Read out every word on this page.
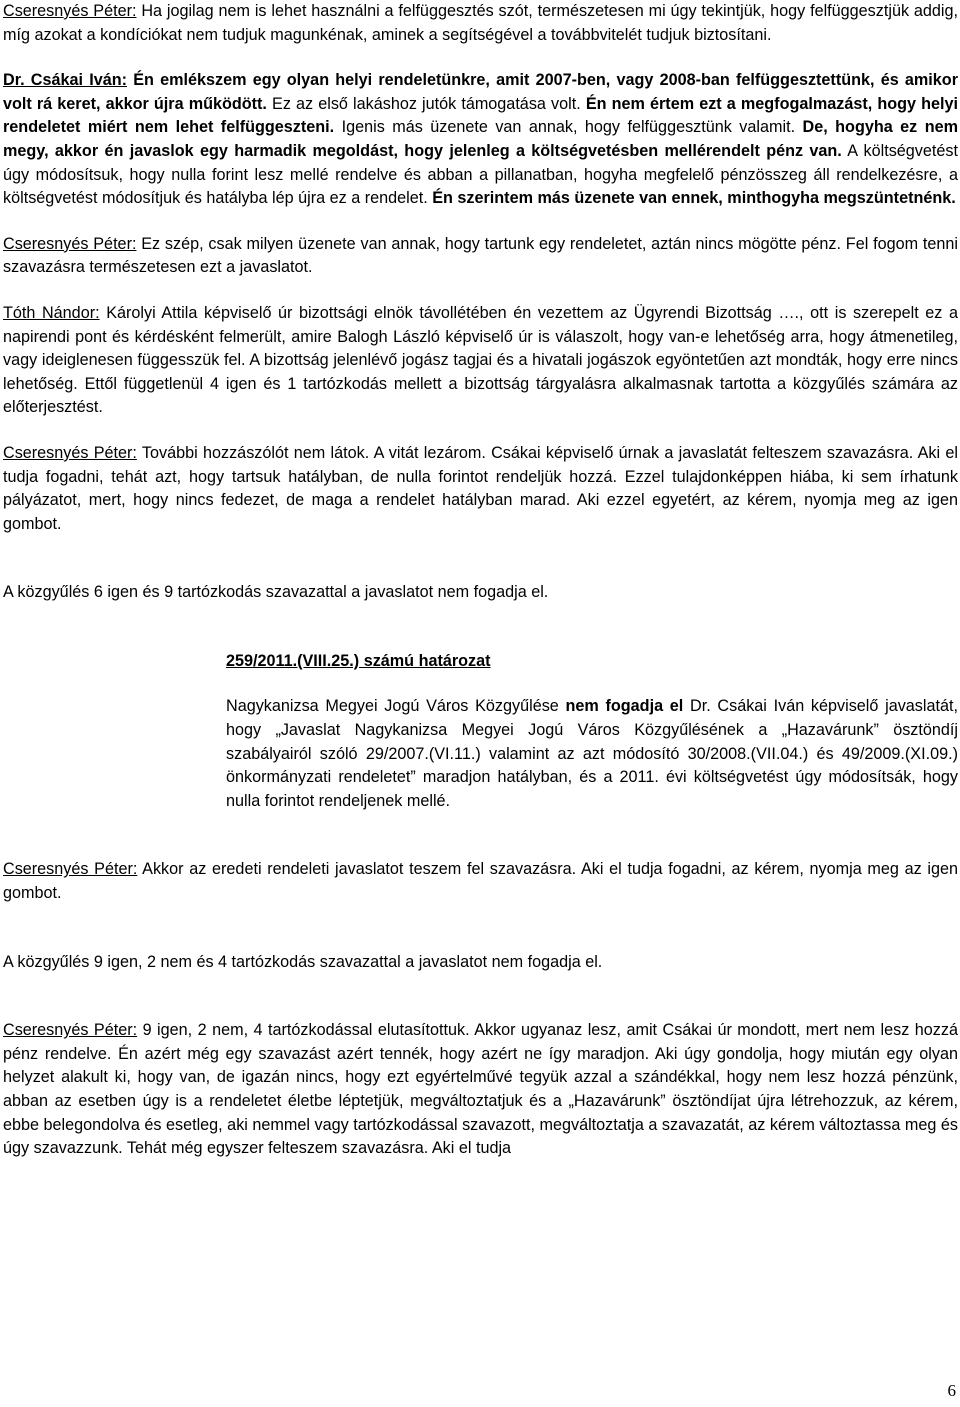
Cseresnyés Péter: Ha jogilag nem is lehet használni a felfüggesztés szót, természetesen mi úgy tekintjük, hogy felfüggesztjük addig, míg azokat a kondíciókat nem tudjuk magunkénak, aminek a segítségével a továbbvitelét tudjuk biztosítani.

Dr. Csákai Iván: Én emlékszem egy olyan helyi rendeletünkre, amit 2007-ben, vagy 2008-ban felfüggesztettünk, és amikor volt rá keret, akkor újra működött. Ez az első lakáshoz jutók támogatása volt. Én nem értem ezt a megfogalmazást, hogy helyi rendeletet miért nem lehet felfüggeszteni. Igenis más üzenete van annak, hogy felfüggesztünk valamit. De, hogyha ez nem megy, akkor én javaslok egy harmadik megoldást, hogy jelenleg a költségvetésben mellérendelt pénz van. A költségvetést úgy módosítsuk, hogy nulla forint lesz mellé rendelve és abban a pillanatban, hogyha megfelelő pénzösszeg áll rendelkezésre, a költségvetést módosítjuk és hatályba lép újra ez a rendelet. Én szerintem más üzenete van ennek, minthogyha megszüntetnénk.

Cseresnyés Péter: Ez szép, csak milyen üzenete van annak, hogy tartunk egy rendeletet, aztán nincs mögötte pénz. Fel fogom tenni szavazásra természetesen ezt a javaslatot.

Tóth Nándor: Károlyi Attila képviselő úr bizottsági elnök távollétében én vezettem az Ügyrendi Bizottság …., ott is szerepelt ez a napirendi pont és kérdésként felmerült, amire Balogh László képviselő úr is válaszolt, hogy van-e lehetőség arra, hogy átmenetileg, vagy ideiglenesen függesszük fel. A bizottság jelenlévő jogász tagjai és a hivatali jogászok egyöntetűen azt mondták, hogy erre nincs lehetőség. Ettől függetlenül 4 igen és 1 tartózkodás mellett a bizottság tárgyalásra alkalmasnak tartotta a közgyűlés számára az előterjesztést.

Cseresnyés Péter: További hozzászólót nem látok. A vitát lezárom. Csákai képviselő úrnak a javaslatát felteszem szavazásra. Aki el tudja fogadni, tehát azt, hogy tartsuk hatályban, de nulla forintot rendeljük hozzá. Ezzel tulajdonképpen hiába, ki sem írhatunk pályázatot, mert, hogy nincs fedezet, de maga a rendelet hatályban marad. Aki ezzel egyetért, az kérem, nyomja meg az igen gombot.

A közgyűlés 6 igen és 9 tartózkodás szavazattal a javaslatot nem fogadja el.

259/2011.(VIII.25.) számú határozat

Nagykanizsa Megyei Jogú Város Közgyűlése nem fogadja el Dr. Csákai Iván képviselő javaslatát, hogy „Javaslat Nagykanizsa Megyei Jogú Város Közgyűlésének a „Hazavárunk” ösztöndíj szabályairól szóló 29/2007.(VI.11.) valamint az azt módosító 30/2008.(VII.04.) és 49/2009.(XI.09.) önkormányzati rendeletet” maradjon hatályban, és a 2011. évi költségvetést úgy módosítsák, hogy nulla forintot rendeljenek mellé.

Cseresnyés Péter: Akkor az eredeti rendeleti javaslatot teszem fel szavazásra. Aki el tudja fogadni, az kérem, nyomja meg az igen gombot.

A közgyűlés 9 igen, 2 nem és 4 tartózkodás szavazattal a javaslatot nem fogadja el.

Cseresnyés Péter: 9 igen, 2 nem, 4 tartózkodással elutasítottuk. Akkor ugyanaz lesz, amit Csákai úr mondott, mert nem lesz hozzá pénz rendelve. Én azért még egy szavazást azért tennék, hogy azért ne így maradjon. Aki úgy gondolja, hogy miután egy olyan helyzet alakult ki, hogy van, de igazán nincs, hogy ezt egyértelművé tegyük azzal a szándékkal, hogy nem lesz hozzá pénzünk, abban az esetben úgy is a rendeletet életbe léptetjük, megváltoztatjuk és a „Hazavárunk” ösztöndíjat újra létrehozzuk, az kérem, ebbe belegondolva és esetleg, aki nemmel vagy tartózkodással szavazott, megváltoztatja a szavazatát, az kérem változtassa meg és úgy szavazzunk. Tehát még egyszer felteszem szavazásra. Aki el tudja

6
